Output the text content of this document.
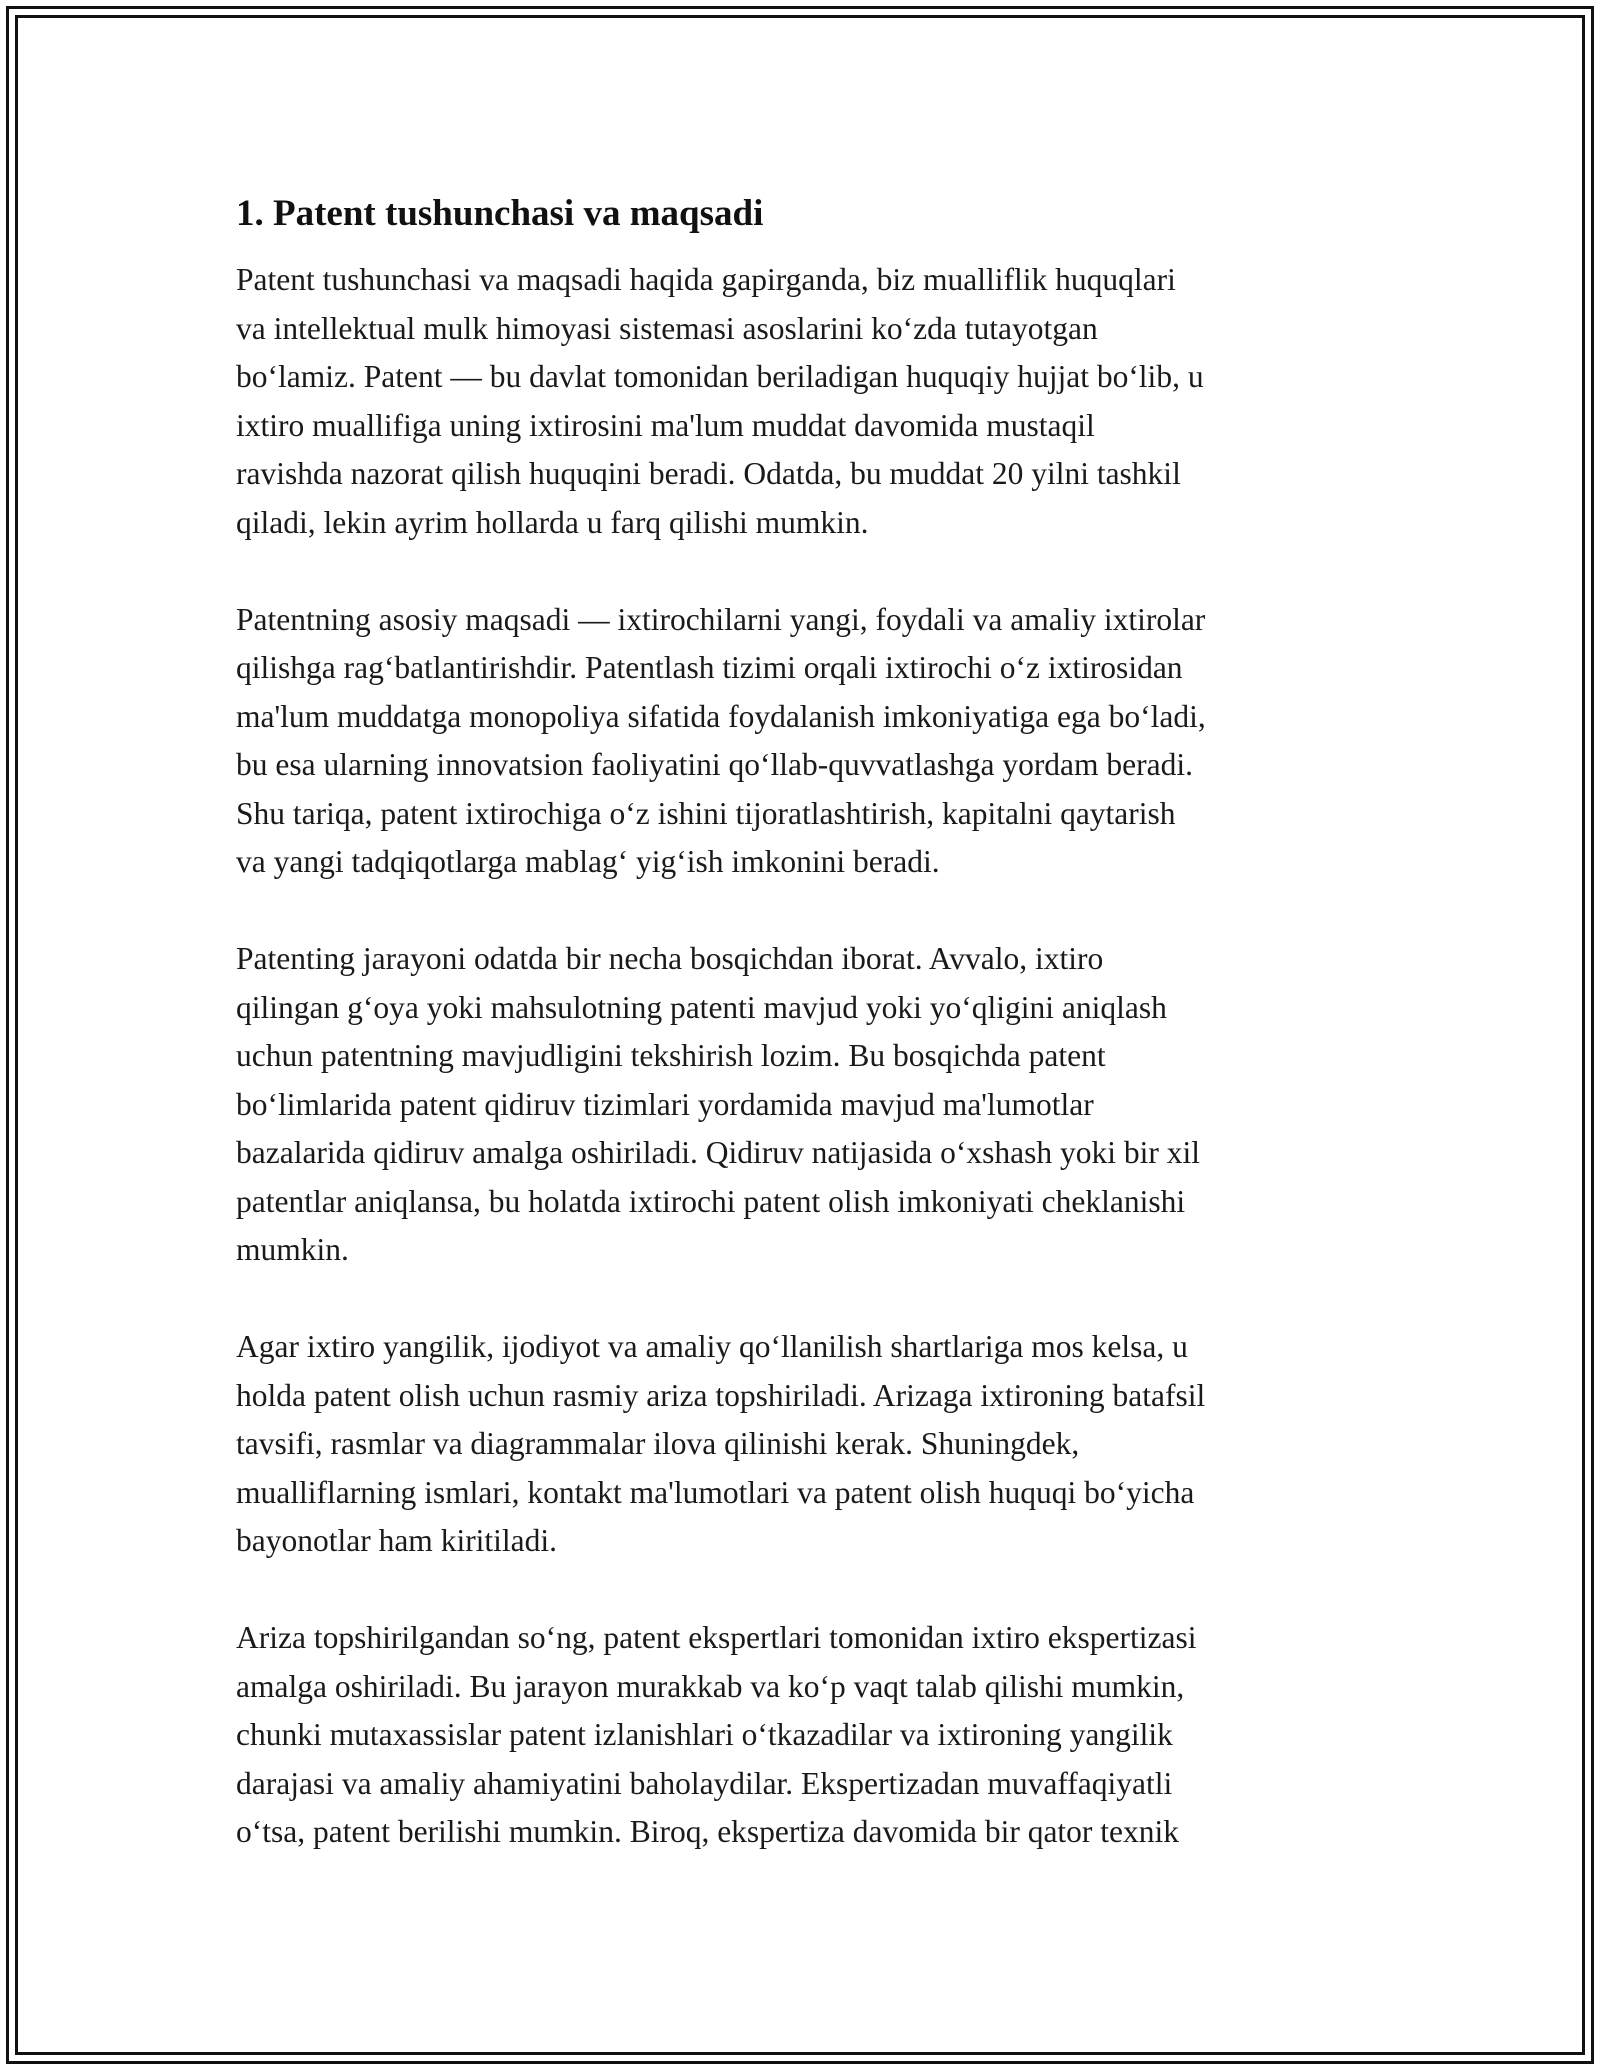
1. Patent tushunchasi va maqsadi

Patent tushunchasi va maqsadi haqida gapirganda, biz mualliflik huquqlari
va intellektual mulk himoyasi sistemasi asoslarini ko‘zda tutayotgan
bo‘lamiz. Patent — bu davlat tomonidan beriladigan huquqiy hujjat bo‘lib, u
ixtiro muallifiga uning ixtirosini ma'lum muddat davomida mustaqil
ravishda nazorat qilish huquqini beradi. Odatda, bu muddat 20 yilni tashkil
qiladi, lekin ayrim hollarda u farq qilishi mumkin.

Patentning asosiy maqsadi — ixtirochilarni yangi, foydali va amaliy ixtirolar
qilishga rag‘batlantirishdir. Patentlash tizimi orqali ixtirochi o‘z ixtirosidan
ma'lum muddatga monopoliya sifatida foydalanish imkoniyatiga ega bo‘ladi,
bu esa ularning innovatsion faoliyatini qo‘llab-quvvatlashga yordam beradi.
Shu tariqa, patent ixtirochiga o‘z ishini tijoratlashtirish, kapitalni qaytarish
va yangi tadqiqotlarga mablag‘ yig‘ish imkonini beradi.

Patenting jarayoni odatda bir necha bosqichdan iborat. Avvalo, ixtiro
qilingan g‘oya yoki mahsulotning patenti mavjud yoki yo‘qligini aniqlash
uchun patentning mavjudligini tekshirish lozim. Bu bosqichda patent
bo‘limlarida patent qidiruv tizimlari yordamida mavjud ma'lumotlar
bazalarida qidiruv amalga oshiriladi. Qidiruv natijasida o‘xshash yoki bir xil
patentlar aniqlansa, bu holatda ixtirochi patent olish imkoniyati cheklanishi
mumkin.

Agar ixtiro yangilik, ijodiyot va amaliy qo‘llanilish shartlariga mos kelsa, u
holda patent olish uchun rasmiy ariza topshiriladi. Arizaga ixtironing batafsil
tavsifi, rasmlar va diagrammalar ilova qilinishi kerak. Shuningdek,
mualliflarning ismlari, kontakt ma'lumotlari va patent olish huquqi bo‘yicha
bayonotlar ham kiritiladi.

Ariza topshirilgandan so‘ng, patent ekspertlari tomonidan ixtiro ekspertizasi
amalga oshiriladi. Bu jarayon murakkab va ko‘p vaqt talab qilishi mumkin,
chunki mutaxassislar patent izlanishlari o‘tkazadilar va ixtironing yangilik
darajasi va amaliy ahamiyatini baholaydilar. Ekspertizadan muvaffaqiyatli
o‘tsa, patent berilishi mumkin. Biroq, ekspertiza davomida bir qator texnik
